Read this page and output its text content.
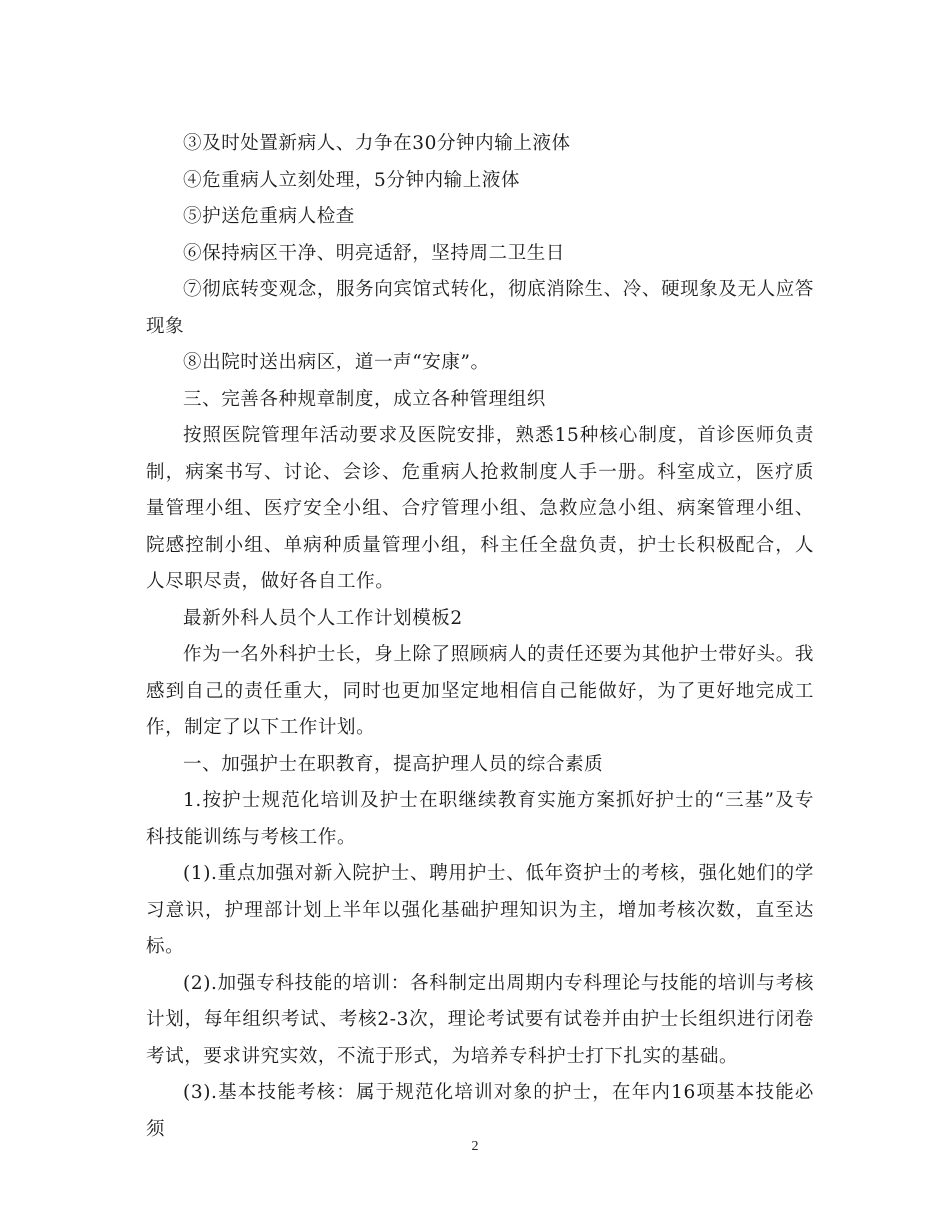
③及时处置新病人、力争在30分钟内输上液体

④危重病人立刻处理，5分钟内输上液体

⑤护送危重病人检查

⑥保持病区干净、明亮适舒，坚持周二卫生日

⑦彻底转变观念，服务向宾馆式转化，彻底消除生、冷、硬现象及无人应答现象

⑧出院时送出病区，道一声“安康”。

三、完善各种规章制度，成立各种管理组织

按照医院管理年活动要求及医院安排，熟悉15种核心制度，首诊医师负责制，病案书写、讨论、会诊、危重病人抢救制度人手一册。科室成立，医疗质量管理小组、医疗安全小组、合疗管理小组、急救应急小组、病案管理小组、院感控制小组、单病种质量管理小组，科主任全盘负责，护士长积极配合，人人尽职尽责，做好各自工作。

最新外科人员个人工作计划模板2

作为一名外科护士长，身上除了照顾病人的责任还要为其他护士带好头。我感到自己的责任重大，同时也更加坚定地相信自己能做好，为了更好地完成工作，制定了以下工作计划。

一、加强护士在职教育，提高护理人员的综合素质

1.按护士规范化培训及护士在职继续教育实施方案抓好护士的“三基”及专科技能训练与考核工作。

(1).重点加强对新入院护士、聘用护士、低年资护士的考核，强化她们的学习意识，护理部计划上半年以强化基础护理知识为主，增加考核次数，直至达标。

(2).加强专科技能的培训：各科制定出周期内专科理论与技能的培训与考核计划，每年组织考试、考核2-3次，理论考试要有试卷并由护士长组织进行闭卷考试，要求讲究实效，不流于形式，为培养专科护士打下扎实的基础。

(3).基本技能考核：属于规范化培训对象的护士，在年内16项基本技能必须

2
